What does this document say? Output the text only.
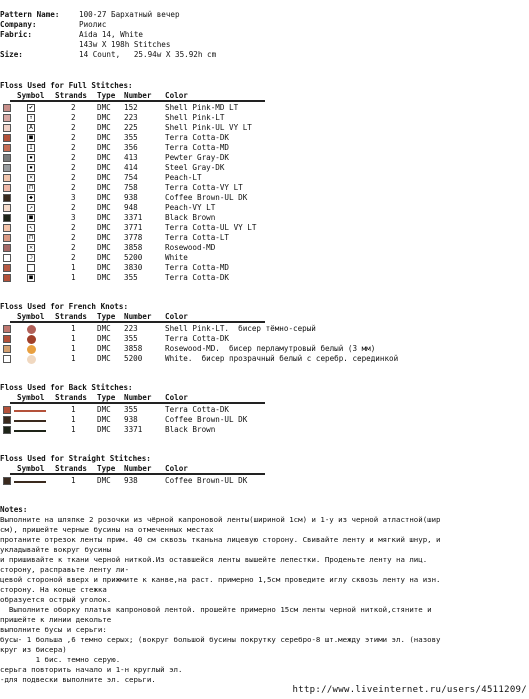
Pattern Name:	100-27 Бархатный вечер
Company:	Риолис
Fabric:	Aida 14, White
143w X 198h Stitches
Size:	14 Count,   25.94w X 35.92h cm
Floss Used for Full Stitches:
Symbol Strands Type Number Color
✔	2	DMC 152	Shell Pink-MD LT
↑	2	DMC 223	Shell Pink-LT
A	2	DMC 225	Shell Pink-UL VY LT
■	2	DMC 355	Terra Cotta-DK
I	2	DMC 356	Terra Cotta-MD
▪	2	DMC 413	Pewter Gray-DK
▪	2	DMC 414	Steel Gray-DK
×	2	DMC 754	Peach-LT
⊓	2	DMC 758	Terra Cotta-VY LT
◆	3	DMC 938	Coffee Brown-UL DK
↗	2	DMC 948	Peach-VY LT
■	3	DMC 3371	Black Brown
↖	2	DMC 3771	Terra Cotta-UL VY LT
⊓	2	DMC 3778	Terra Cotta-LT
✕	2	DMC 3858	Rosewood-MD
☽	2	DMC 5200	White
1	DMC 3830	Terra Cotta-MD
■	1	DMC 355	Terra Cotta-DK
Floss Used for French Knots:
Symbol Strands Type Number Color
1	DMC 223	Shell Pink-LT.  бисер тёмно-серый
1	DMC 355	Terra Cotta-DK
1	DMC 3858	Rosewood-MD.  бисер перламутровый белый (3 мм)
1	DMC 5200	White.  бисер прозрачный белый с серебр. серединкой
Floss Used for Back Stitches:
Symbol Strands Type Number Color
1	DMC 355	Terra Cotta-DK
1	DMC 938	Coffee Brown-UL DK
1	DMC 3371	Black Brown
Floss Used for Straight Stitches:
Symbol Strands Type Number Color
1	DMC 938	Coffee Brown-UL DK
Notes:
Выполните на шляпке 2 розочки из чёрной капроновой ленты(шириной 1см) и 1-у из черной атластной(шир
см), пришейте черные бусины на отмеченных местах
протаните отрезок ленты прим. 40 см сквозь тканьна лицевую сторону. Свивайте ленту и мягкий шнур, и
укладывайте вокруг бусины
и пришивайте к ткани черной ниткой.Из оставшейся ленты вышейте лепестки. Проденьте ленту на лиц.
сторону, расправьте ленту ли-
цевой стороной вверх и прижмите к канве,на раст. примерно 1,5см проведите иглу сквозь ленту на изн.
сторону. На конце стежка
образуется острый уголок.
Выполните оборку платья капроновой лентой. прошейте примерно 15см ленты черной ниткой,стяните и
пришейте к линии декольте
выполните бусы и серьги:
бусы- 1 больша ,6 темно серых; (вокруг большой бусины покрутку серебро-8 шт.между этими эл. (назову
круг из бисера)
1 бис. темно серую.
серьга повторить начало и 1-н круглый эл.
-для подвески выполните эл. серьги.
http://www.liveinternet.ru/users/4511209/
